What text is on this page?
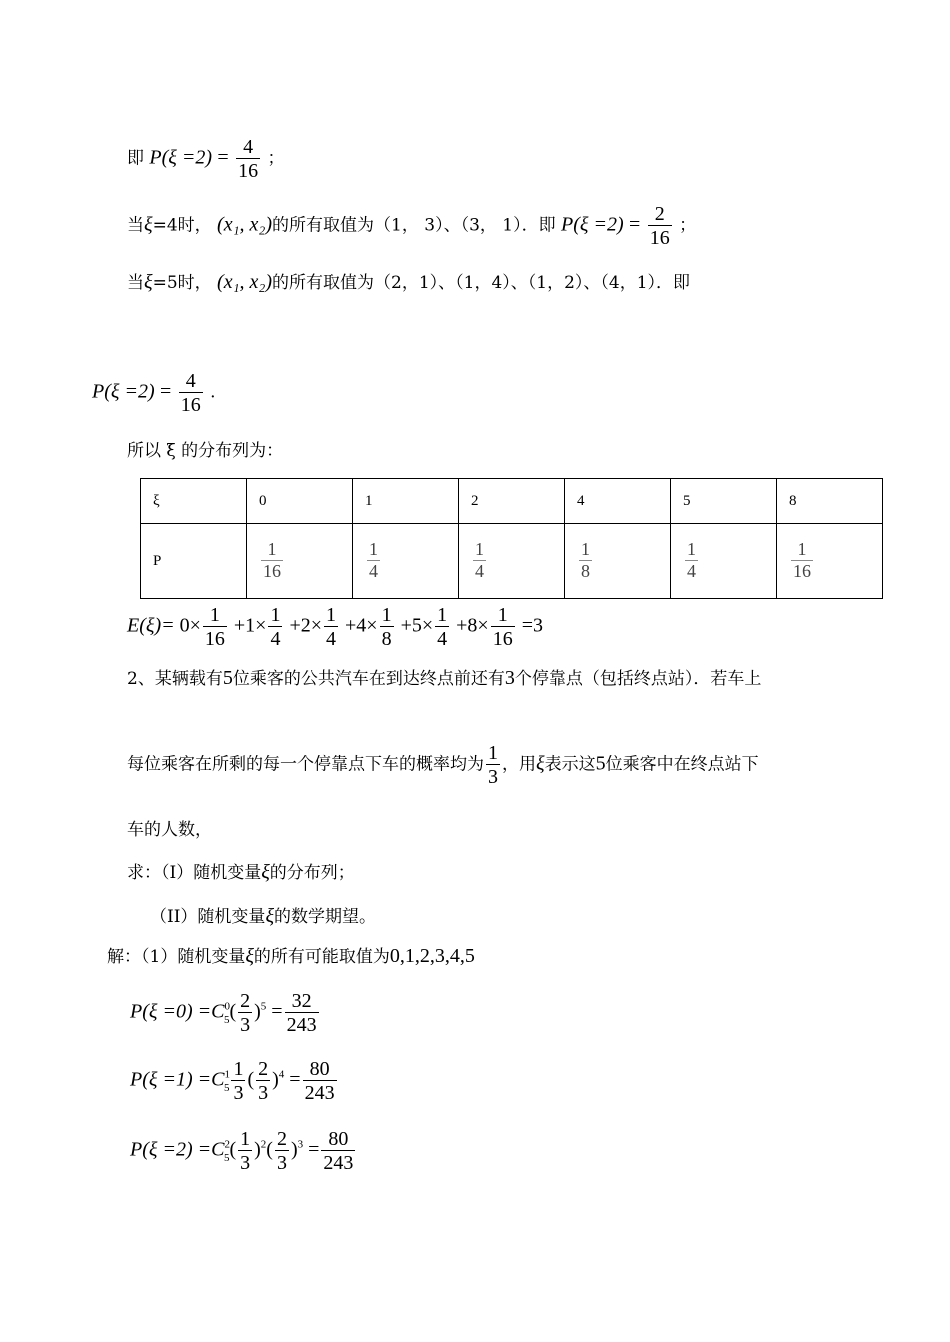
即 $P(\xi =2) = \frac{4}{16}$ ；
当ξ=4时， (x₁, x₂)的所有取值为（1， 3）、（3， 1）．即 $P(\xi =2) = \frac{2}{16}$ ；
当ξ=5时， (x₁, x₂)的所有取值为（2，1）、（1，4）、（1，2）、（4，1）．即
$P(\xi =2) = \frac{4}{16}$ .
所以 ξ 的分布列为：
ξ	0	1	2	4	5	8
P	$\frac{1}{16}$	$\frac{1}{4}$	$\frac{1}{4}$	$\frac{1}{8}$	$\frac{1}{4}$	$\frac{1}{16}$
$E(\xi)= 0\times \frac{1}{16} +1\times \frac{1}{4} +2\times \frac{1}{4} +4\times \frac{1}{8} +5\times \frac{1}{4} +8\times \frac{1}{16} =3$
2、某辆载有5位乘客的公共汽车在到达终点前还有3个停靠点（包括终点站）．若车上
每位乘客在所剩的每一个停靠点下车的概率均为 $\frac{1}{3}$ ，用ξ表示这5位乘客中在终点站下
车的人数，
求：（I）随机变量ξ的分布列；
（II）随机变量ξ的数学期望。
解：（1）随机变量ξ的所有可能取值为0,1,2,3,4,5
$P(\xi =0) =C^0_5( \frac{2}{3} )^5 = \frac{32}{243}$
$P(\xi =1) =C^1_5 \frac{1}{3}$ ( $\frac{2}{3} )^4 = \frac{80}{243}$
$P(\xi =2) =C^2_5( \frac{1}{3} )^2( \frac{2}{3} )^3 = \frac{80}{243}$
